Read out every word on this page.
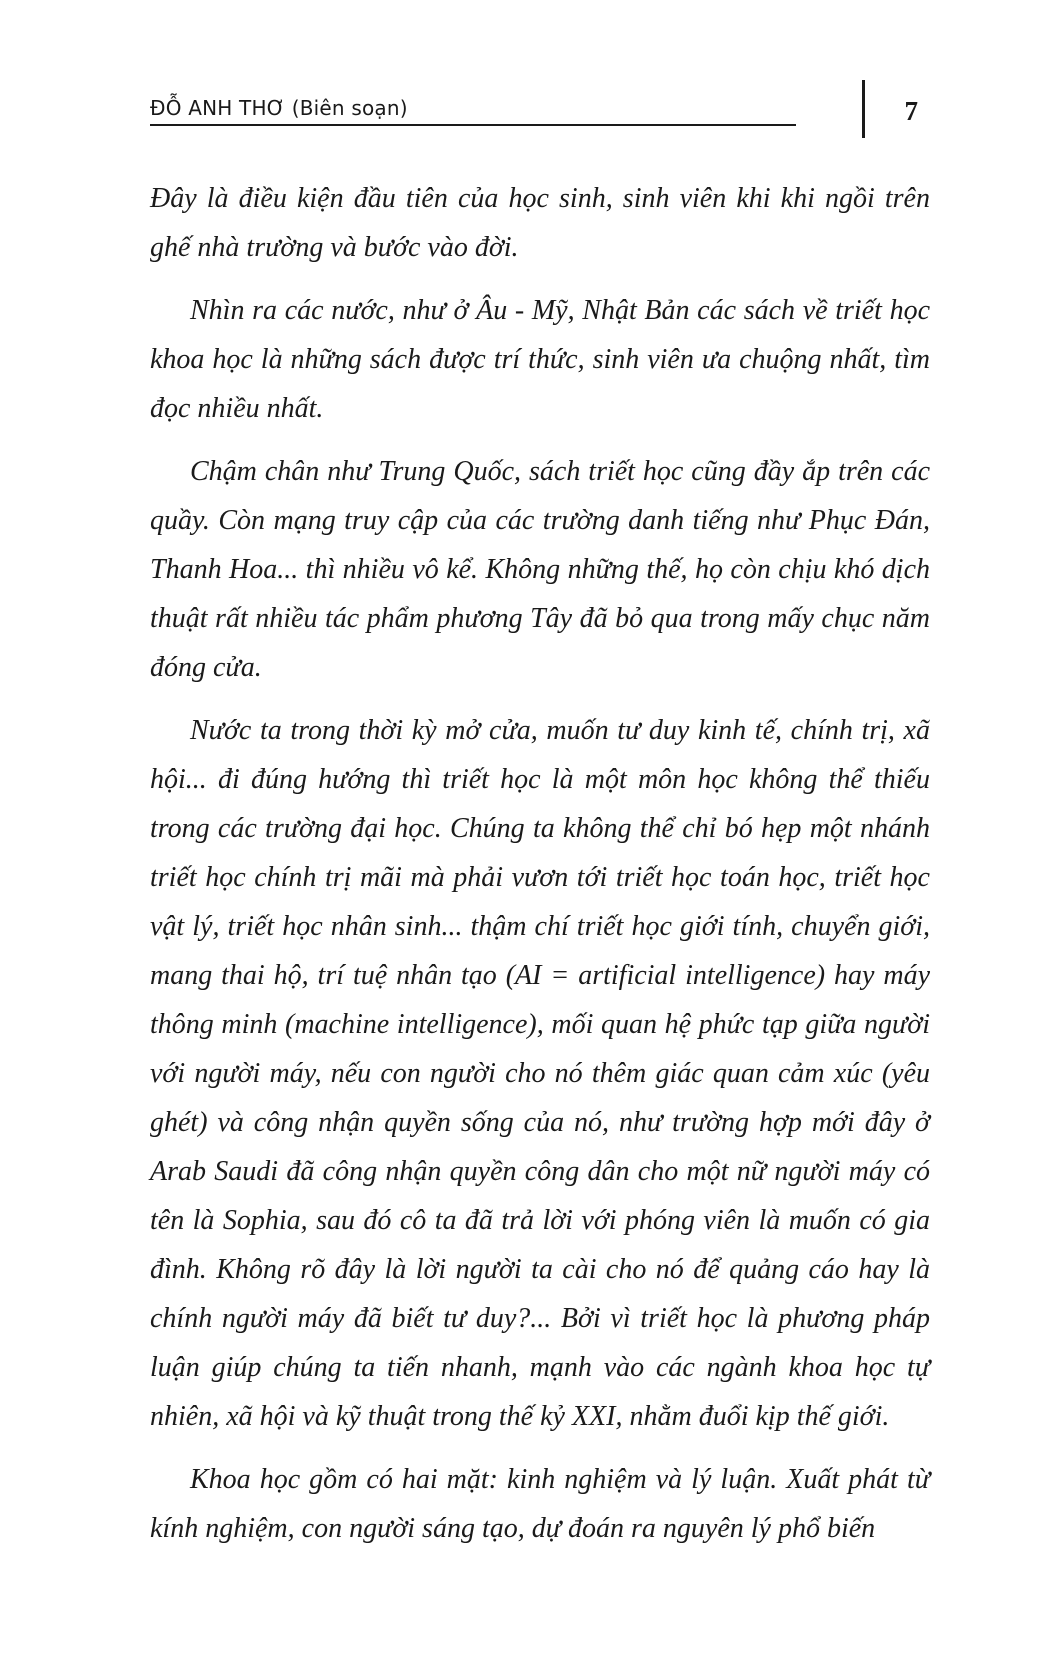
ĐỖ ANH THƠ (Biên soạn)	7

Đây là điều kiện đầu tiên của học sinh, sinh viên khi khi ngồi trên ghế nhà trường và bước vào đời.

Nhìn ra các nước, như ở Âu - Mỹ, Nhật Bản các sách về triết học khoa học là những sách được trí thức, sinh viên ưa chuộng nhất, tìm đọc nhiều nhất.

Chậm chân như Trung Quốc, sách triết học cũng đầy ắp trên các quầy. Còn mạng truy cập của các trường danh tiếng như Phục Đán, Thanh Hoa... thì nhiều vô kể. Không những thế, họ còn chịu khó dịch thuật rất nhiều tác phẩm phương Tây đã bỏ qua trong mấy chục năm đóng cửa.

Nước ta trong thời kỳ mở cửa, muốn tư duy kinh tế, chính trị, xã hội... đi đúng hướng thì triết học là một môn học không thể thiếu trong các trường đại học. Chúng ta không thể chỉ bó hẹp một nhánh triết học chính trị mãi mà phải vươn tới triết học toán học, triết học vật lý, triết học nhân sinh... thậm chí triết học giới tính, chuyển giới, mang thai hộ, trí tuệ nhân tạo (AI = artificial intelligence) hay máy thông minh (machine intelligence), mối quan hệ phức tạp giữa người với người máy, nếu con người cho nó thêm giác quan cảm xúc (yêu ghét) và công nhận quyền sống của nó, như trường hợp mới đây ở Arab Saudi đã công nhận quyền công dân cho một nữ người máy có tên là Sophia, sau đó cô ta đã trả lời với phóng viên là muốn có gia đình. Không rõ đây là lời người ta cài cho nó để quảng cáo hay là chính người máy đã biết tư duy?... Bởi vì triết học là phương pháp luận giúp chúng ta tiến nhanh, mạnh vào các ngành khoa học tự nhiên, xã hội và kỹ thuật trong thế kỷ XXI, nhằm đuổi kịp thế giới.

Khoa học gồm có hai mặt: kinh nghiệm và lý luận. Xuất phát từ kính nghiệm, con người sáng tạo, dự đoán ra nguyên lý phổ biến
